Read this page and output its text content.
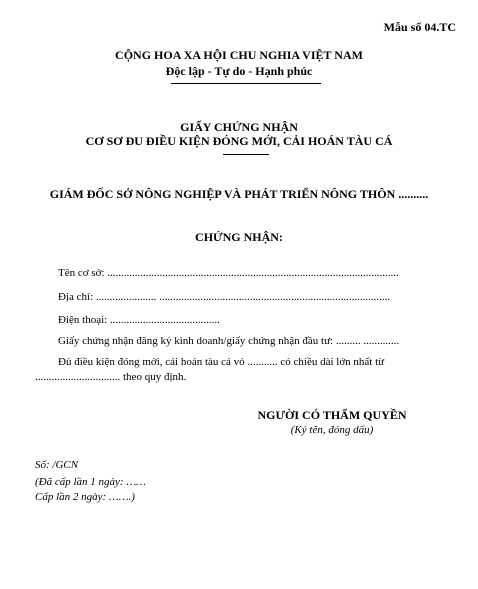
Mẫu số 04.TC
CỘNG HOA XA HỘI CHU NGHIA VIỆT NAM
Độc lập - Tự do - Hạnh phúc
GIẤY CHỨNG NHẬN
CƠ SƠ ĐU ĐIỀU KIỆN ĐÓNG MỚI, CẢI HOÁN TÀU CÁ
GIÁM ĐỐC SỞ NÔNG NGHIỆP VÀ PHÁT TRIỂN NÔNG THÔN ..........
CHỨNG NHẬN:
Tên cơ sở: ..........................................................................................................
Địa chỉ: ...................... ....................................................................................
Điện thoại: ........................................
Giấy chứng nhận đăng ký kinh doanh/giấy chứng nhận đầu tư: ......... .............
Đủ điều kiện đóng mới, cải hoán tàu cá vỏ ........... có chiều dài lớn nhất từ
............................... theo quy định.
NGƯỜI CÓ THẨM QUYỀN
(Ký tên, đóng dấu)
Số: /GCN
(Đã cấp lần 1 ngày: ……
Cấp lần 2 ngày: …….)
